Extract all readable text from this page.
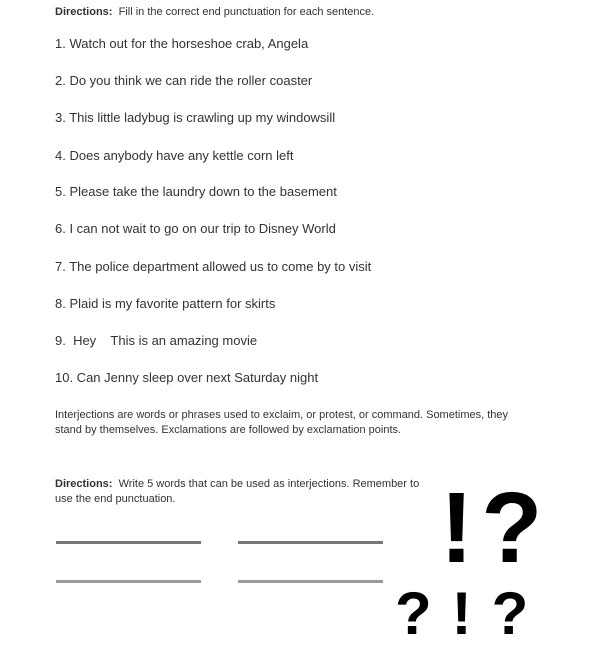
Directions: Fill in the correct end punctuation for each sentence.
1. Watch out for the horseshoe crab, Angela
2. Do you think we can ride the roller coaster
3. This little ladybug is crawling up my windowsill
4. Does anybody have any kettle corn left
5. Please take the laundry down to the basement
6. I can not wait to go on our trip to Disney World
7. The police department allowed us to come by to visit
8. Plaid is my favorite pattern for skirts
9.  Hey    This is an amazing movie
10. Can Jenny sleep over next Saturday night
Interjections are words or phrases used to exclaim, or protest, or command. Sometimes, they stand by themselves. Exclamations are followed by exclamation points.
Directions: Write 5 words that can be used as interjections. Remember to use the end punctuation.	!?
?!?
